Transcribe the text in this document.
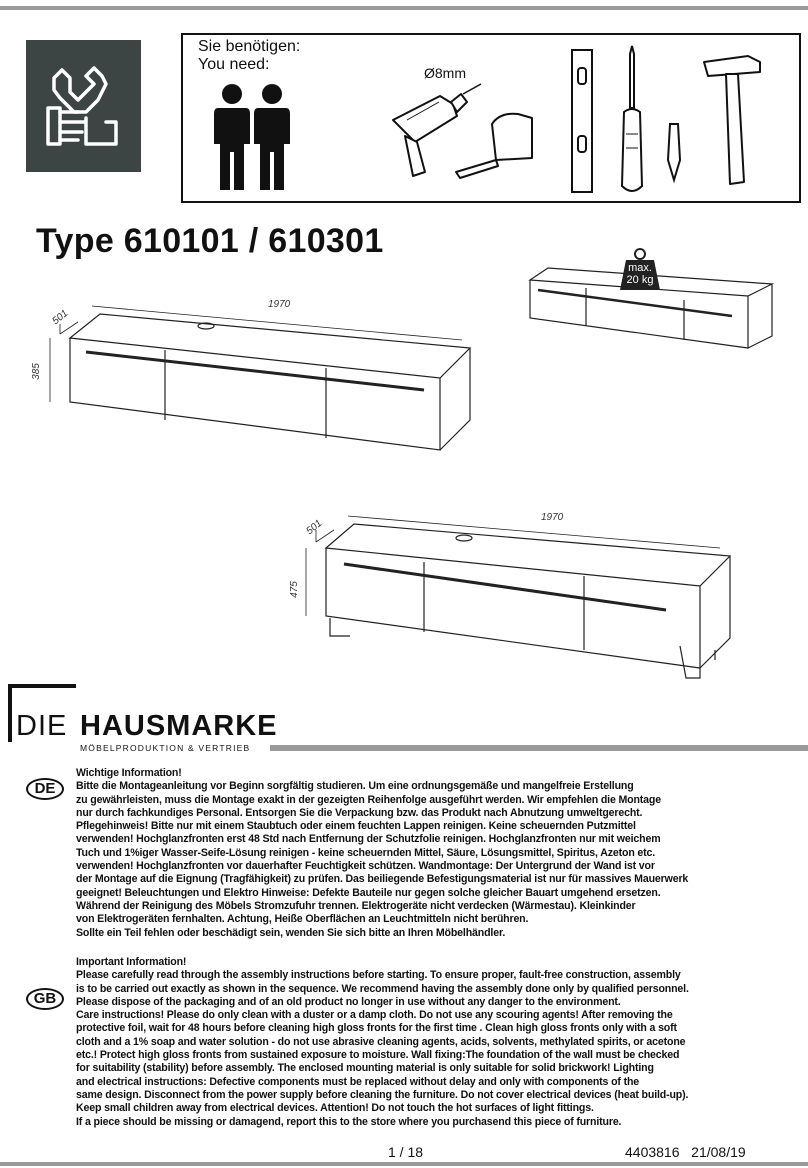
Sie benötigen:
You need:	Ø8mm
Type 610101 / 610301
1970
501
385
max.
20 kg
1970
501
475
DIE HAUSMARKE
MÖBELPRODUKTION & VERTRIEB
DE
Wichtige Information!
Bitte die Montageanleitung vor Beginn sorgfältig studieren. Um eine ordnungsgemäße und mangelfreie Erstellung
zu gewährleisten, muss die Montage exakt in der gezeigten Reihenfolge ausgeführt werden. Wir empfehlen die Montage
nur durch fachkundiges Personal. Entsorgen Sie die Verpackung bzw. das Produkt nach Abnutzung umweltgerecht.
Pflegehinweis! Bitte nur mit einem Staubtuch oder einem feuchten Lappen reinigen. Keine scheuernden Putzmittel
verwenden! Hochglanzfronten erst 48 Std nach Entfernung der Schutzfolie reinigen. Hochglanzfronten nur mit weichem
Tuch und 1%iger Wasser-Seife-Lösung reinigen - keine scheuernden Mittel, Säure, Lösungsmittel, Spiritus, Azeton etc.
verwenden! Hochglanzfronten vor dauerhafter Feuchtigkeit schützen. Wandmontage: Der Untergrund der Wand ist vor
der Montage auf die Eignung (Tragfähigkeit) zu prüfen. Das beiliegende Befestigungsmaterial ist nur für massives Mauerwerk
geeignet! Beleuchtungen und Elektro Hinweise: Defekte Bauteile nur gegen solche gleicher Bauart umgehend ersetzen.
Während der Reinigung des Möbels Stromzufuhr trennen. Elektrogeräte nicht verdecken (Wärmestau). Kleinkinder
von Elektrogeräten fernhalten. Achtung, Heiße Oberflächen an Leuchtmitteln nicht berühren.
Sollte ein Teil fehlen oder beschädigt sein, wenden Sie sich bitte an Ihren Möbelhändler.
GB
Important Information!
Please carefully read through the assembly instructions before starting. To ensure proper, fault-free construction, assembly
is to be carried out exactly as shown in the sequence. We recommend having the assembly done only by qualified personnel.
Please dispose of the packaging and of an old product no longer in use without any danger to the environment.
Care instructions! Please do only clean with a duster or a damp cloth. Do not use any scouring agents! After removing the
protective foil, wait for 48 hours before cleaning high gloss fronts for the first time . Clean high gloss fronts only with a soft
cloth and a 1% soap and water solution - do not use abrasive cleaning agents, acids, solvents, methylated spirits, or acetone
etc.! Protect high gloss fronts from sustained exposure to moisture. Wall fixing:The foundation of the wall must be checked
for suitability (stability) before assembly. The enclosed mounting material is only suitable for solid brickwork! Lighting
and electrical instructions: Defective components must be replaced without delay and only with components of the
same design. Disconnect from the power supply before cleaning the furniture. Do not cover electrical devices (heat build-up).
Keep small children away from electrical devices. Attention! Do not touch the hot surfaces of light fittings.
If a piece should be missing or damagend, report this to the store where you purchasend this piece of furniture.
1 / 18	4403816   21/08/19
